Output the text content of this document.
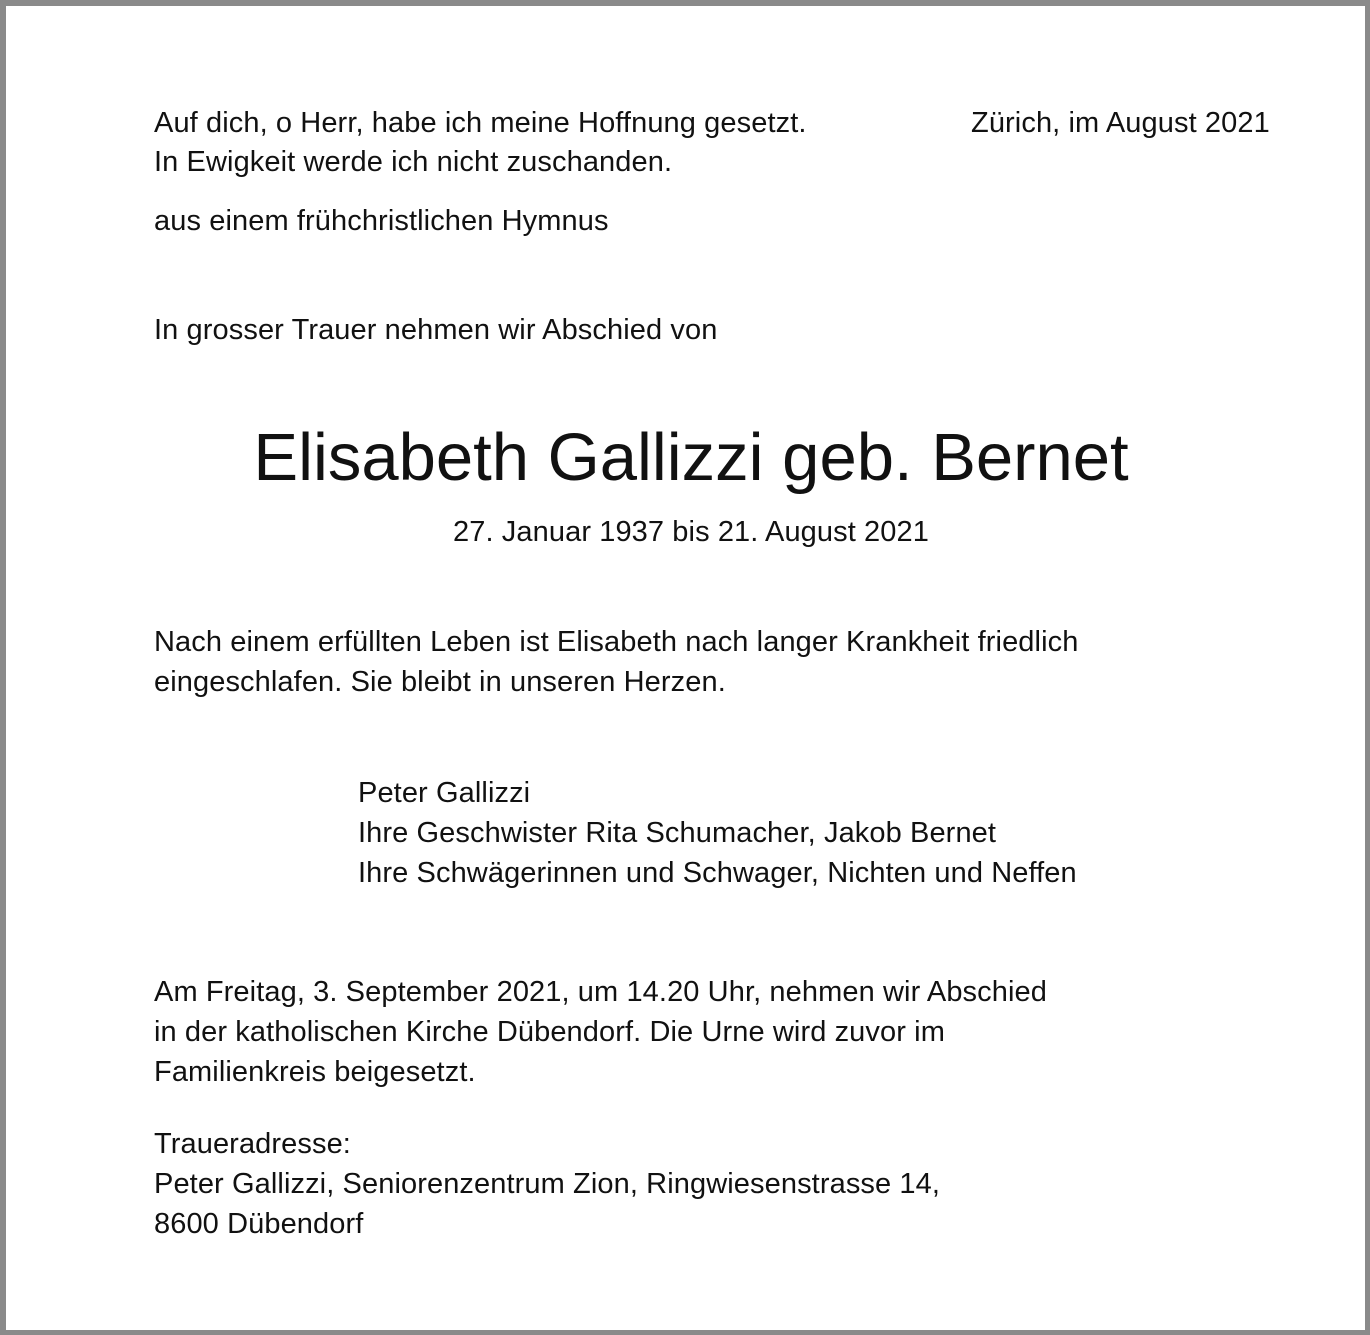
Auf dich, o Herr, habe ich meine Hoffnung gesetzt.
In Ewigkeit werde ich nicht zuschanden.
Zürich, im August 2021
aus einem frühchristlichen Hymnus
In grosser Trauer nehmen wir Abschied von
Elisabeth Gallizzi geb. Bernet
27. Januar 1937 bis 21. August 2021
Nach einem erfüllten Leben ist Elisabeth nach langer Krankheit friedlich
eingeschlafen. Sie bleibt in unseren Herzen.
Peter Gallizzi
Ihre Geschwister Rita Schumacher, Jakob Bernet
Ihre Schwägerinnen und Schwager, Nichten und Neffen
Am Freitag, 3. September 2021, um 14.20 Uhr, nehmen wir Abschied
in der katholischen Kirche Dübendorf. Die Urne wird zuvor im
Familienkreis beigesetzt.
Traueradresse:
Peter Gallizzi, Seniorenzentrum Zion, Ringwiesenstrasse 14,
8600 Dübendorf
